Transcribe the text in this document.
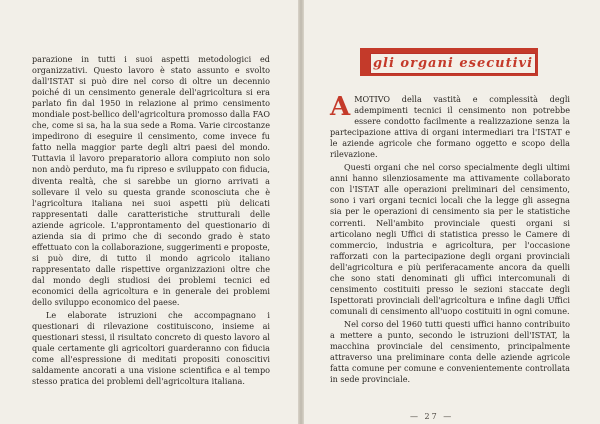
parazione in tutti i suoi aspetti metodologici ed organizzativi. Questo lavoro è stato assunto e svolto dall'ISTAT si può dire nel corso di oltre un decennio poiché di un censimento generale dell'agricoltura si era parlato fin dal 1950 in relazione al primo censimento mondiale post-bellico dell'agricoltura promosso dalla FAO che, come si sa, ha la sua sede a Roma. Varie circostanze impedirono di eseguire il censimento, come invece fu fatto nella maggior parte degli altri paesi del mondo. Tuttavia il lavoro preparatorio allora compiuto non solo non andò perduto, ma fu ripreso e sviluppato con fiducia, diventa realtà, che si sarebbe un giorno arrivati a sollevare il velo su questa grande sconosciuta che è l'agricoltura italiana nei suoi aspetti più delicati rappresentati dalle caratteristiche strutturali delle aziende agricole. L'approntamento del questionario di azienda sia di primo che di secondo grado è stato effettuato con la collaborazione, suggerimenti e proposte, si può dire, di tutto il mondo agricolo italiano rappresentato dalle rispettive organizzazioni oltre che dal mondo degli studiosi dei problemi tecnici ed economici della agricoltura e in generale dei problemi dello sviluppo economico del paese.

Le elaborate istruzioni che accompagnano i questionari di rilevazione costituiscono, insieme ai questionari stessi, il risultato concreto di questo lavoro al quale certamente gli agricoltori guarderanno con fiducia come all'espressione di meditati propositi conoscitivi saldamente ancorati a una visione scientifica e al tempo stesso pratica dei problemi dell'agricoltura italiana.

gli organi esecutivi

AMOTIVO della vastità e complessità degli adempimenti tecnici il censimento non potrebbe essere condotto facilmente a realizzazione senza la partecipazione attiva di organi intermediari tra l'ISTAT e le aziende agricole che formano oggetto e scopo della rilevazione.

Questi organi che nel corso specialmente degli ultimi anni hanno silenziosamente ma attivamente collaborato con l'ISTAT alle operazioni preliminari del censimento, sono i vari organi tecnici locali che la legge gli assegna sia per le operazioni di censimento sia per le statistiche correnti. Nell'ambito provinciale questi organi si articolano negli Uffici di statistica presso le Camere di commercio, industria e agricoltura, per l'occasione rafforzati con la partecipazione degli organi provinciali dell'agricoltura e più periferacamente ancora da quelli che sono stati denominati gli uffici intercomunali di censimento costituiti presso le sezioni staccate degli Ispettorati provinciali dell'agricoltura e infine dagli Uffici comunali di censimento all'uopo costituiti in ogni comune.

Nel corso del 1960 tutti questi uffici hanno contribuito a mettere a punto, secondo le istruzioni dell'ISTAT, la macchina provinciale del censimento, principalmente attraverso una preliminare conta delle aziende agricole fatta comune per comune e convenientemente controllata in sede provinciale.

— 27 —
